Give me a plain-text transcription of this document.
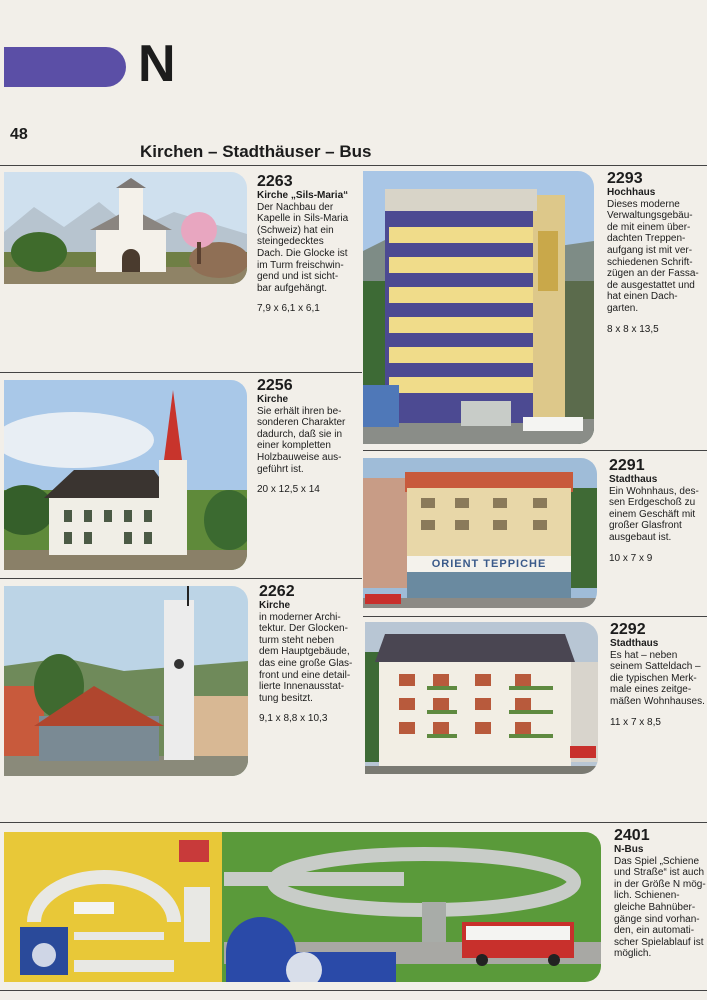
N
48
Kirchen – Stadthäuser – Bus
2263
Kirche „Sils-Maria“
Der Nachbau der
Kapelle in Sils-Maria
(Schweiz) hat ein
steingedecktes
Dach. Die Glocke ist
im Turm freischwin-
gend und ist sicht-
bar aufgehängt.
7,9 x 6,1 x 6,1
2293
Hochhaus
Dieses moderne
Verwaltungsgebäu-
de mit einem über-
dachten Treppen-
aufgang ist mit ver-
schiedenen Schrift-
zügen an der Fassa-
de ausgestattet und
hat einen Dach-
garten.
8 x 8 x 13,5
2256
Kirche
Sie erhält ihren be-
sonderen Charakter
dadurch, daß sie in
einer kompletten
Holzbauweise aus-
geführt ist.
20 x 12,5 x 14
ORIENT TEPPICHE
2291
Stadthaus
Ein Wohnhaus, des-
sen Erdgeschoß zu
einem Geschäft mit
großer Glasfront
ausgebaut ist.
10 x 7 x 9
2262
Kirche
in moderner Archi-
tektur. Der Glocken-
turm steht neben
dem Hauptgebäude,
das eine große Glas-
front und eine detail-
lierte Innenausstat-
tung besitzt.
9,1 x 8,8 x 10,3
2292
Stadthaus
Es hat – neben
seinem Satteldach –
die typischen Merk-
male eines zeitge-
mäßen Wohnhauses.
11 x 7 x 8,5
2401
N-Bus
Das Spiel „Schiene
und Straße“ ist auch
in der Größe N mög-
lich. Schienen-
gleiche Bahnüber-
gänge sind vorhan-
den, ein automati-
scher Spielablauf ist
möglich.
